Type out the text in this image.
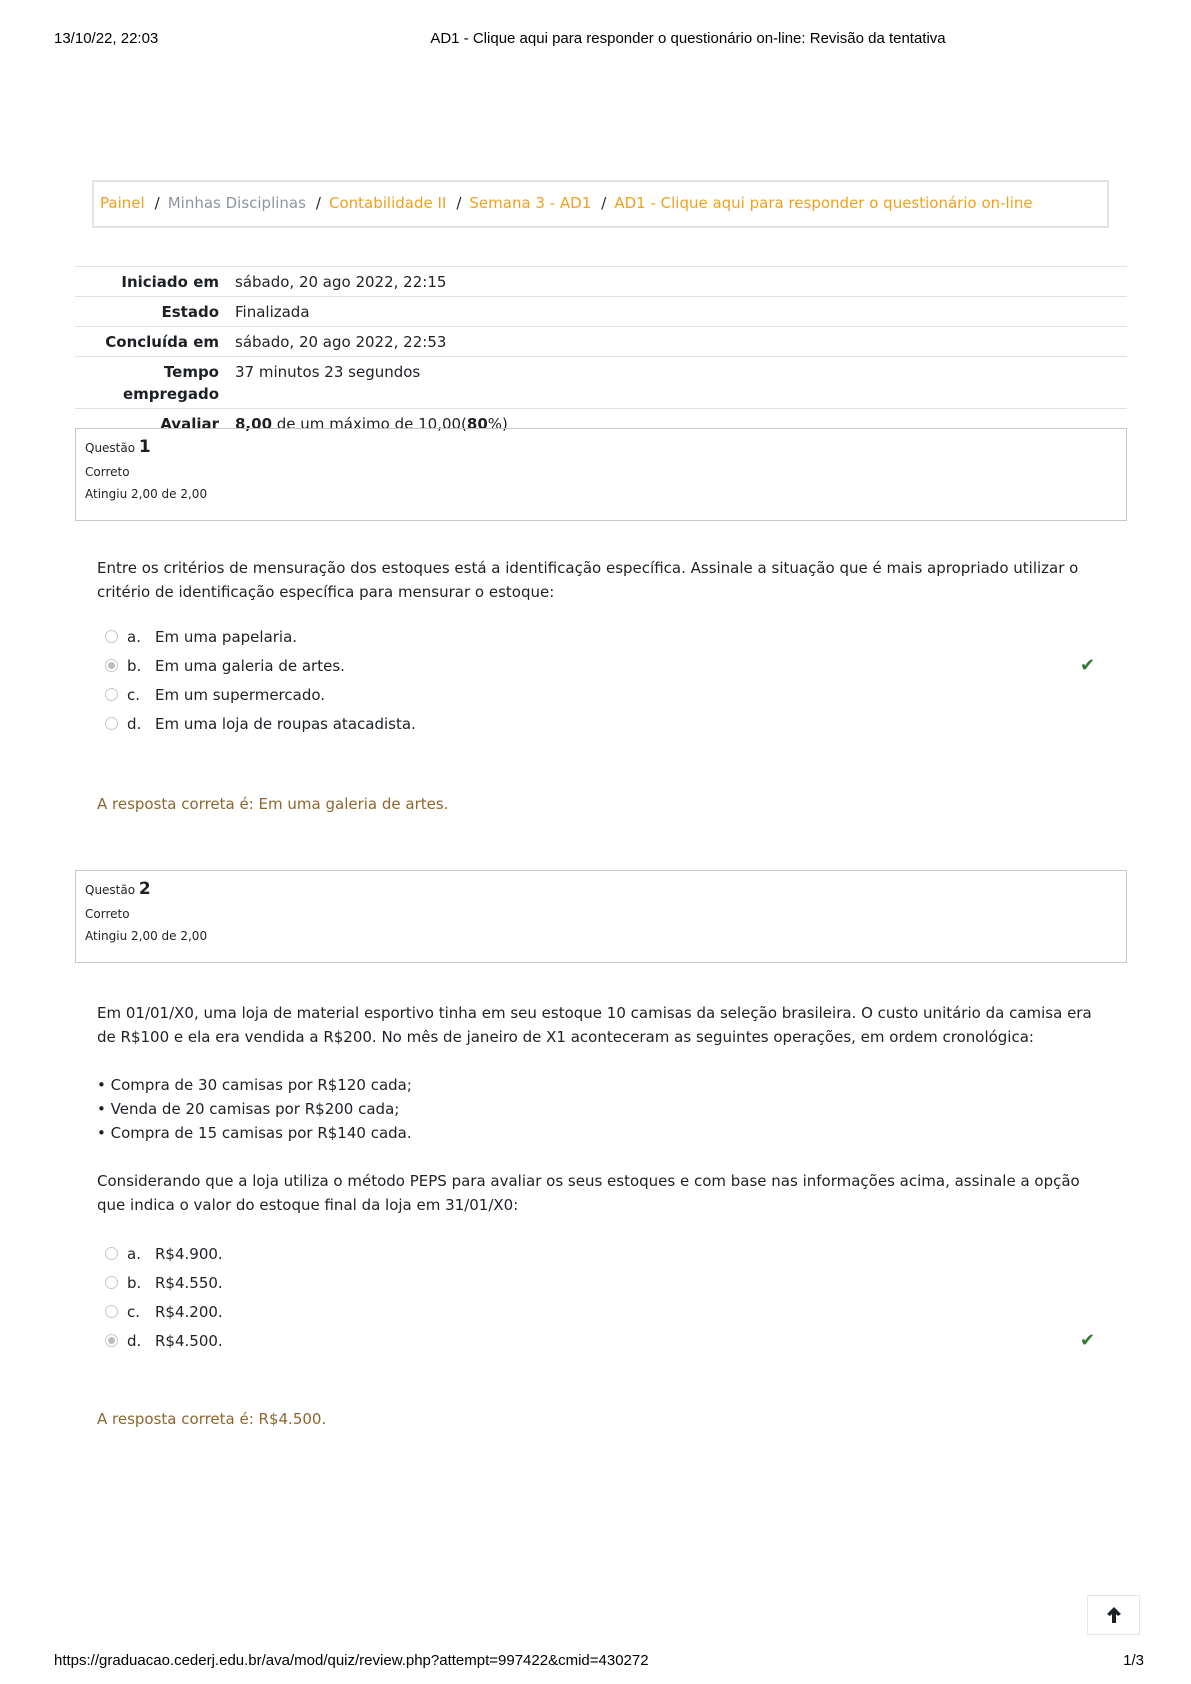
13/10/22, 22:03	AD1 - Clique aqui para responder o questionário on-line: Revisão da tentativa
Painel / Minhas Disciplinas / Contabilidade II / Semana 3 - AD1 / AD1 - Clique aqui para responder o questionário on-line
Iniciado em	sábado, 20 ago 2022, 22:15
Estado	Finalizada
Concluída em	sábado, 20 ago 2022, 22:53
Tempo
empregado	37 minutos 23 segundos
Avaliar	8,00 de um máximo de 10,00(80%)
Questão 1
Correto
Atingiu 2,00 de 2,00

Entre os critérios de mensuração dos estoques está a identificação específica. Assinale a situação que é mais apropriado utilizar o critério de identificação específica para mensurar o estoque:

a. Em uma papelaria.
b. Em uma galeria de artes.	✔
c. Em um supermercado.
d. Em uma loja de roupas atacadista.
A resposta correta é: Em uma galeria de artes.
Questão 2
Correto
Atingiu 2,00 de 2,00

Em 01/01/X0, uma loja de material esportivo tinha em seu estoque 10 camisas da seleção brasileira. O custo unitário da camisa era de R$100 e ela era vendida a R$200. No mês de janeiro de X1 aconteceram as seguintes operações, em ordem cronológica:

• Compra de 30 camisas por R$120 cada;

• Venda de 20 camisas por R$200 cada;

• Compra de 15 camisas por R$140 cada.

Considerando que a loja utiliza o método PEPS para avaliar os seus estoques e com base nas informações acima, assinale a opção que indica o valor do estoque final da loja em 31/01/X0:

a. R$4.900.
b. R$4.550.
c. R$4.200.
d. R$4.500.	✔
A resposta correta é: R$4.500.
https://graduacao.cederj.edu.br/ava/mod/quiz/review.php?attempt=997422&cmid=430272	1/3
